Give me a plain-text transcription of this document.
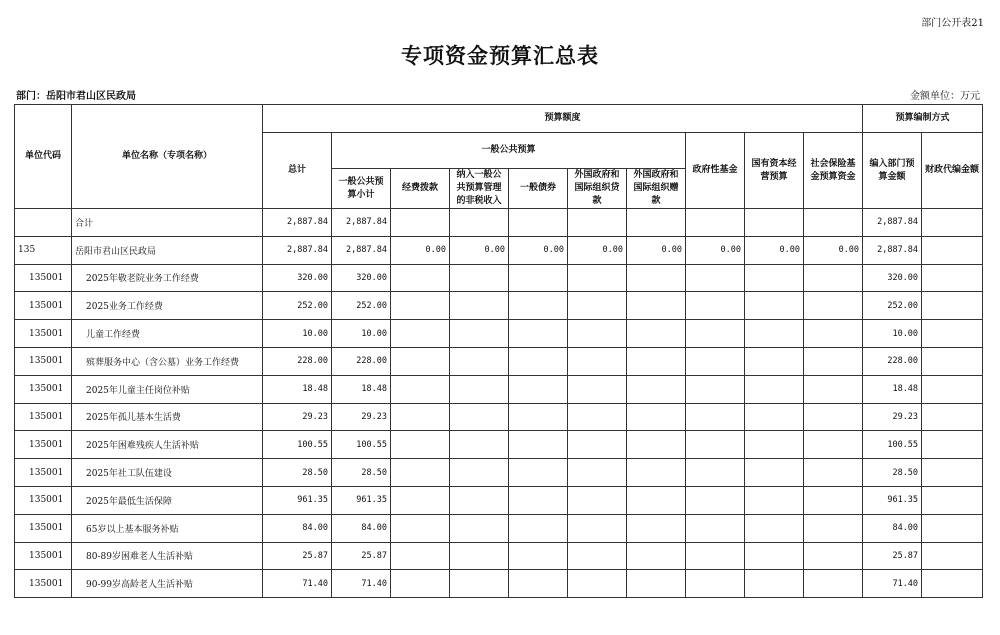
部门公开表21
专项资金预算汇总表
部门：岳阳市君山区民政局	金额单位：万元
单位代码	单位名称（专项名称）	预算额度										预算编制方式	
		总计	一般公共预算						政府性基金	国有资本经营预算	社会保险基金预算资金	编入部门预算金额	财政代编金额
			一般公共预算小计	经费拨款	纳入一般公共预算管理的非税收入	一般债券	外国政府和国际组织贷款	外国政府和国际组织赠款					
	合计	2,887.84	2,887.84									2,887.84	
135	岳阳市君山区民政局	2,887.84	2,887.84	0.00	0.00	0.00	0.00	0.00	0.00	0.00	0.00	2,887.84	
135001	2025年敬老院业务工作经费	320.00	320.00									320.00	
135001	2025业务工作经费	252.00	252.00									252.00	
135001	儿童工作经费	10.00	10.00									10.00	
135001	殡葬服务中心（含公墓）业务工作经费	228.00	228.00									228.00	
135001	2025年儿童主任岗位补贴	18.48	18.48									18.48	
135001	2025年孤儿基本生活费	29.23	29.23									29.23	
135001	2025年困难残疾人生活补贴	100.55	100.55									100.55	
135001	2025年社工队伍建设	28.50	28.50									28.50	
135001	2025年最低生活保障	961.35	961.35									961.35	
135001	65岁以上基本服务补贴	84.00	84.00									84.00	
135001	80-89岁困难老人生活补贴	25.87	25.87									25.87	
135001	90-99岁高龄老人生活补贴	71.40	71.40									71.40	
